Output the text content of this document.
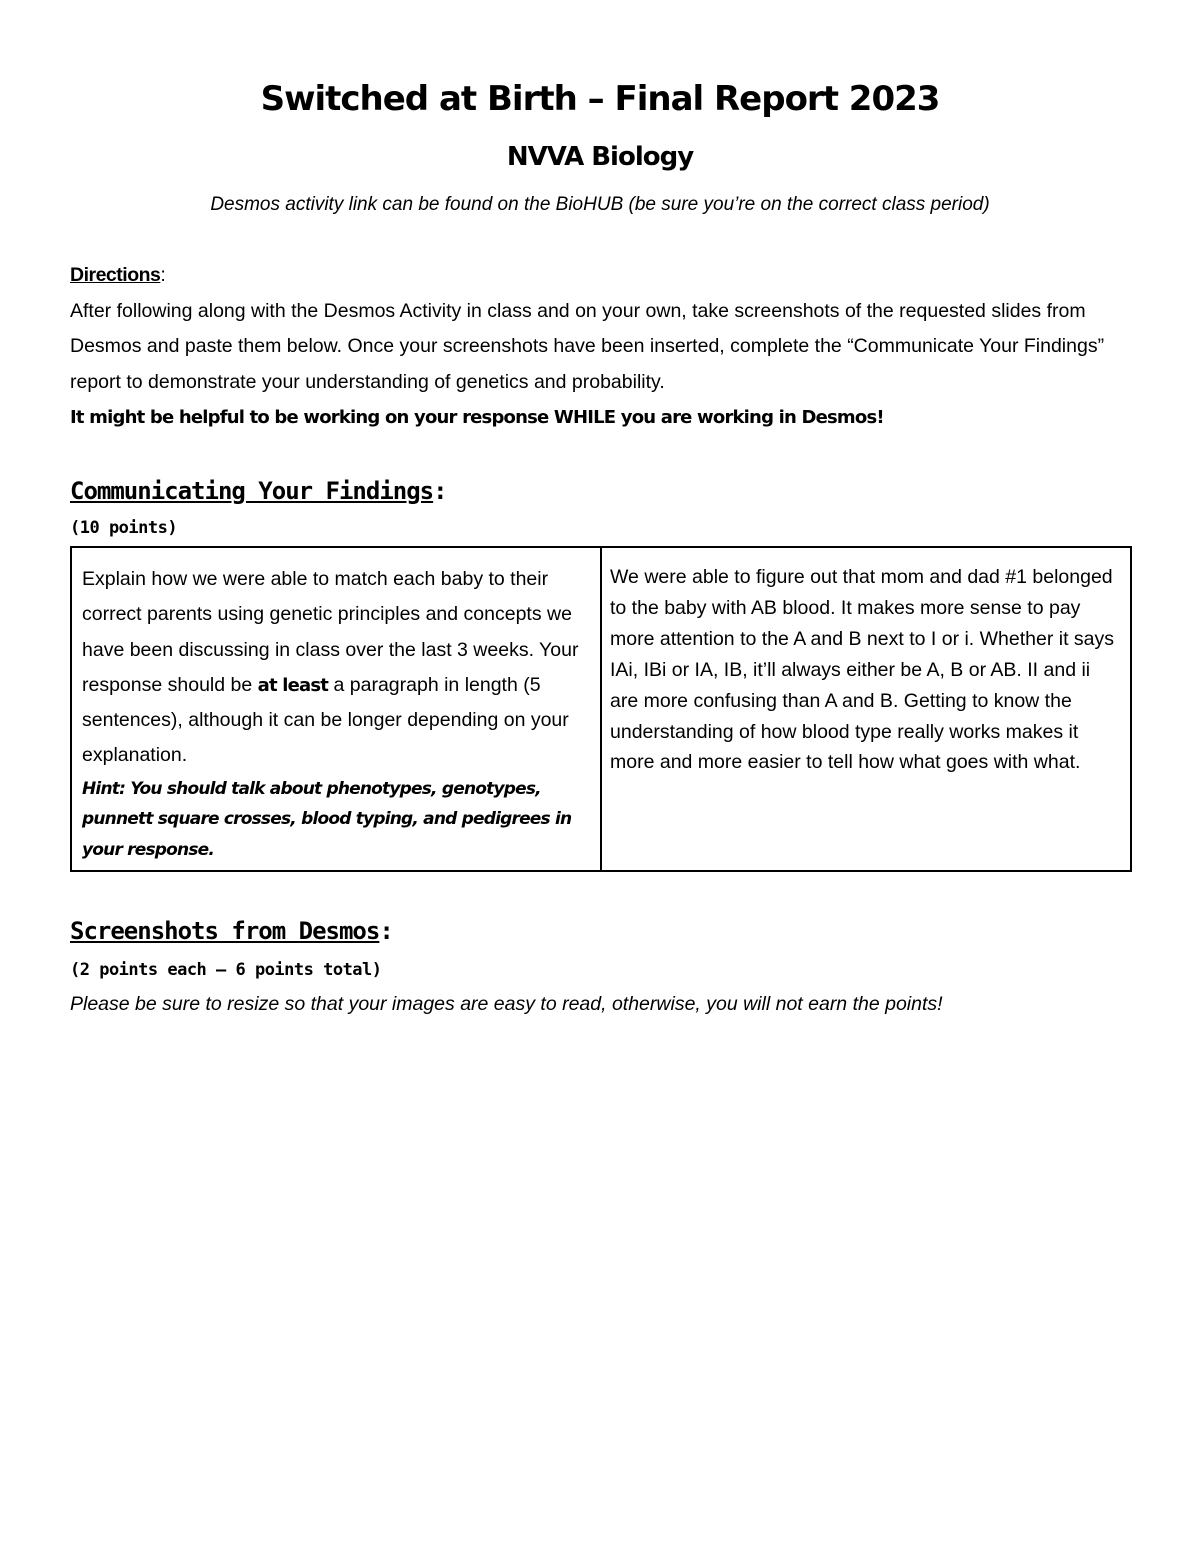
Switched at Birth – Final Report 2023
NVVA Biology
Desmos activity link can be found on the BioHUB (be sure you’re on the correct class period)
Directions:
After following along with the Desmos Activity in class and on your own, take screenshots of the requested slides from Desmos and paste them below. Once your screenshots have been inserted, complete the “Communicate Your Findings” report to demonstrate your understanding of genetics and probability.
It might be helpful to be working on your response WHILE you are working in Desmos!
Communicating Your Findings:
(10 points)
Explain how we were able to match each baby to their correct parents using genetic principles and concepts we have been discussing in class over the last 3 weeks. Your response should be at least a paragraph in length (5 sentences), although it can be longer depending on your explanation.
Hint: You should talk about phenotypes, genotypes, punnett square crosses, blood typing, and pedigrees in your response.
We were able to figure out that mom and dad #1 belonged to the baby with AB blood. It makes more sense to pay more attention to the A and B next to I or i. Whether it says IAi, IBi or IA, IB, it’ll always either be A, B or AB. II and ii are more confusing than A and B. Getting to know the understanding of how blood type really works makes it more and more easier to tell how what goes with what.
Screenshots from Desmos:
(2 points each – 6 points total)
Please be sure to resize so that your images are easy to read, otherwise, you will not earn the points!
